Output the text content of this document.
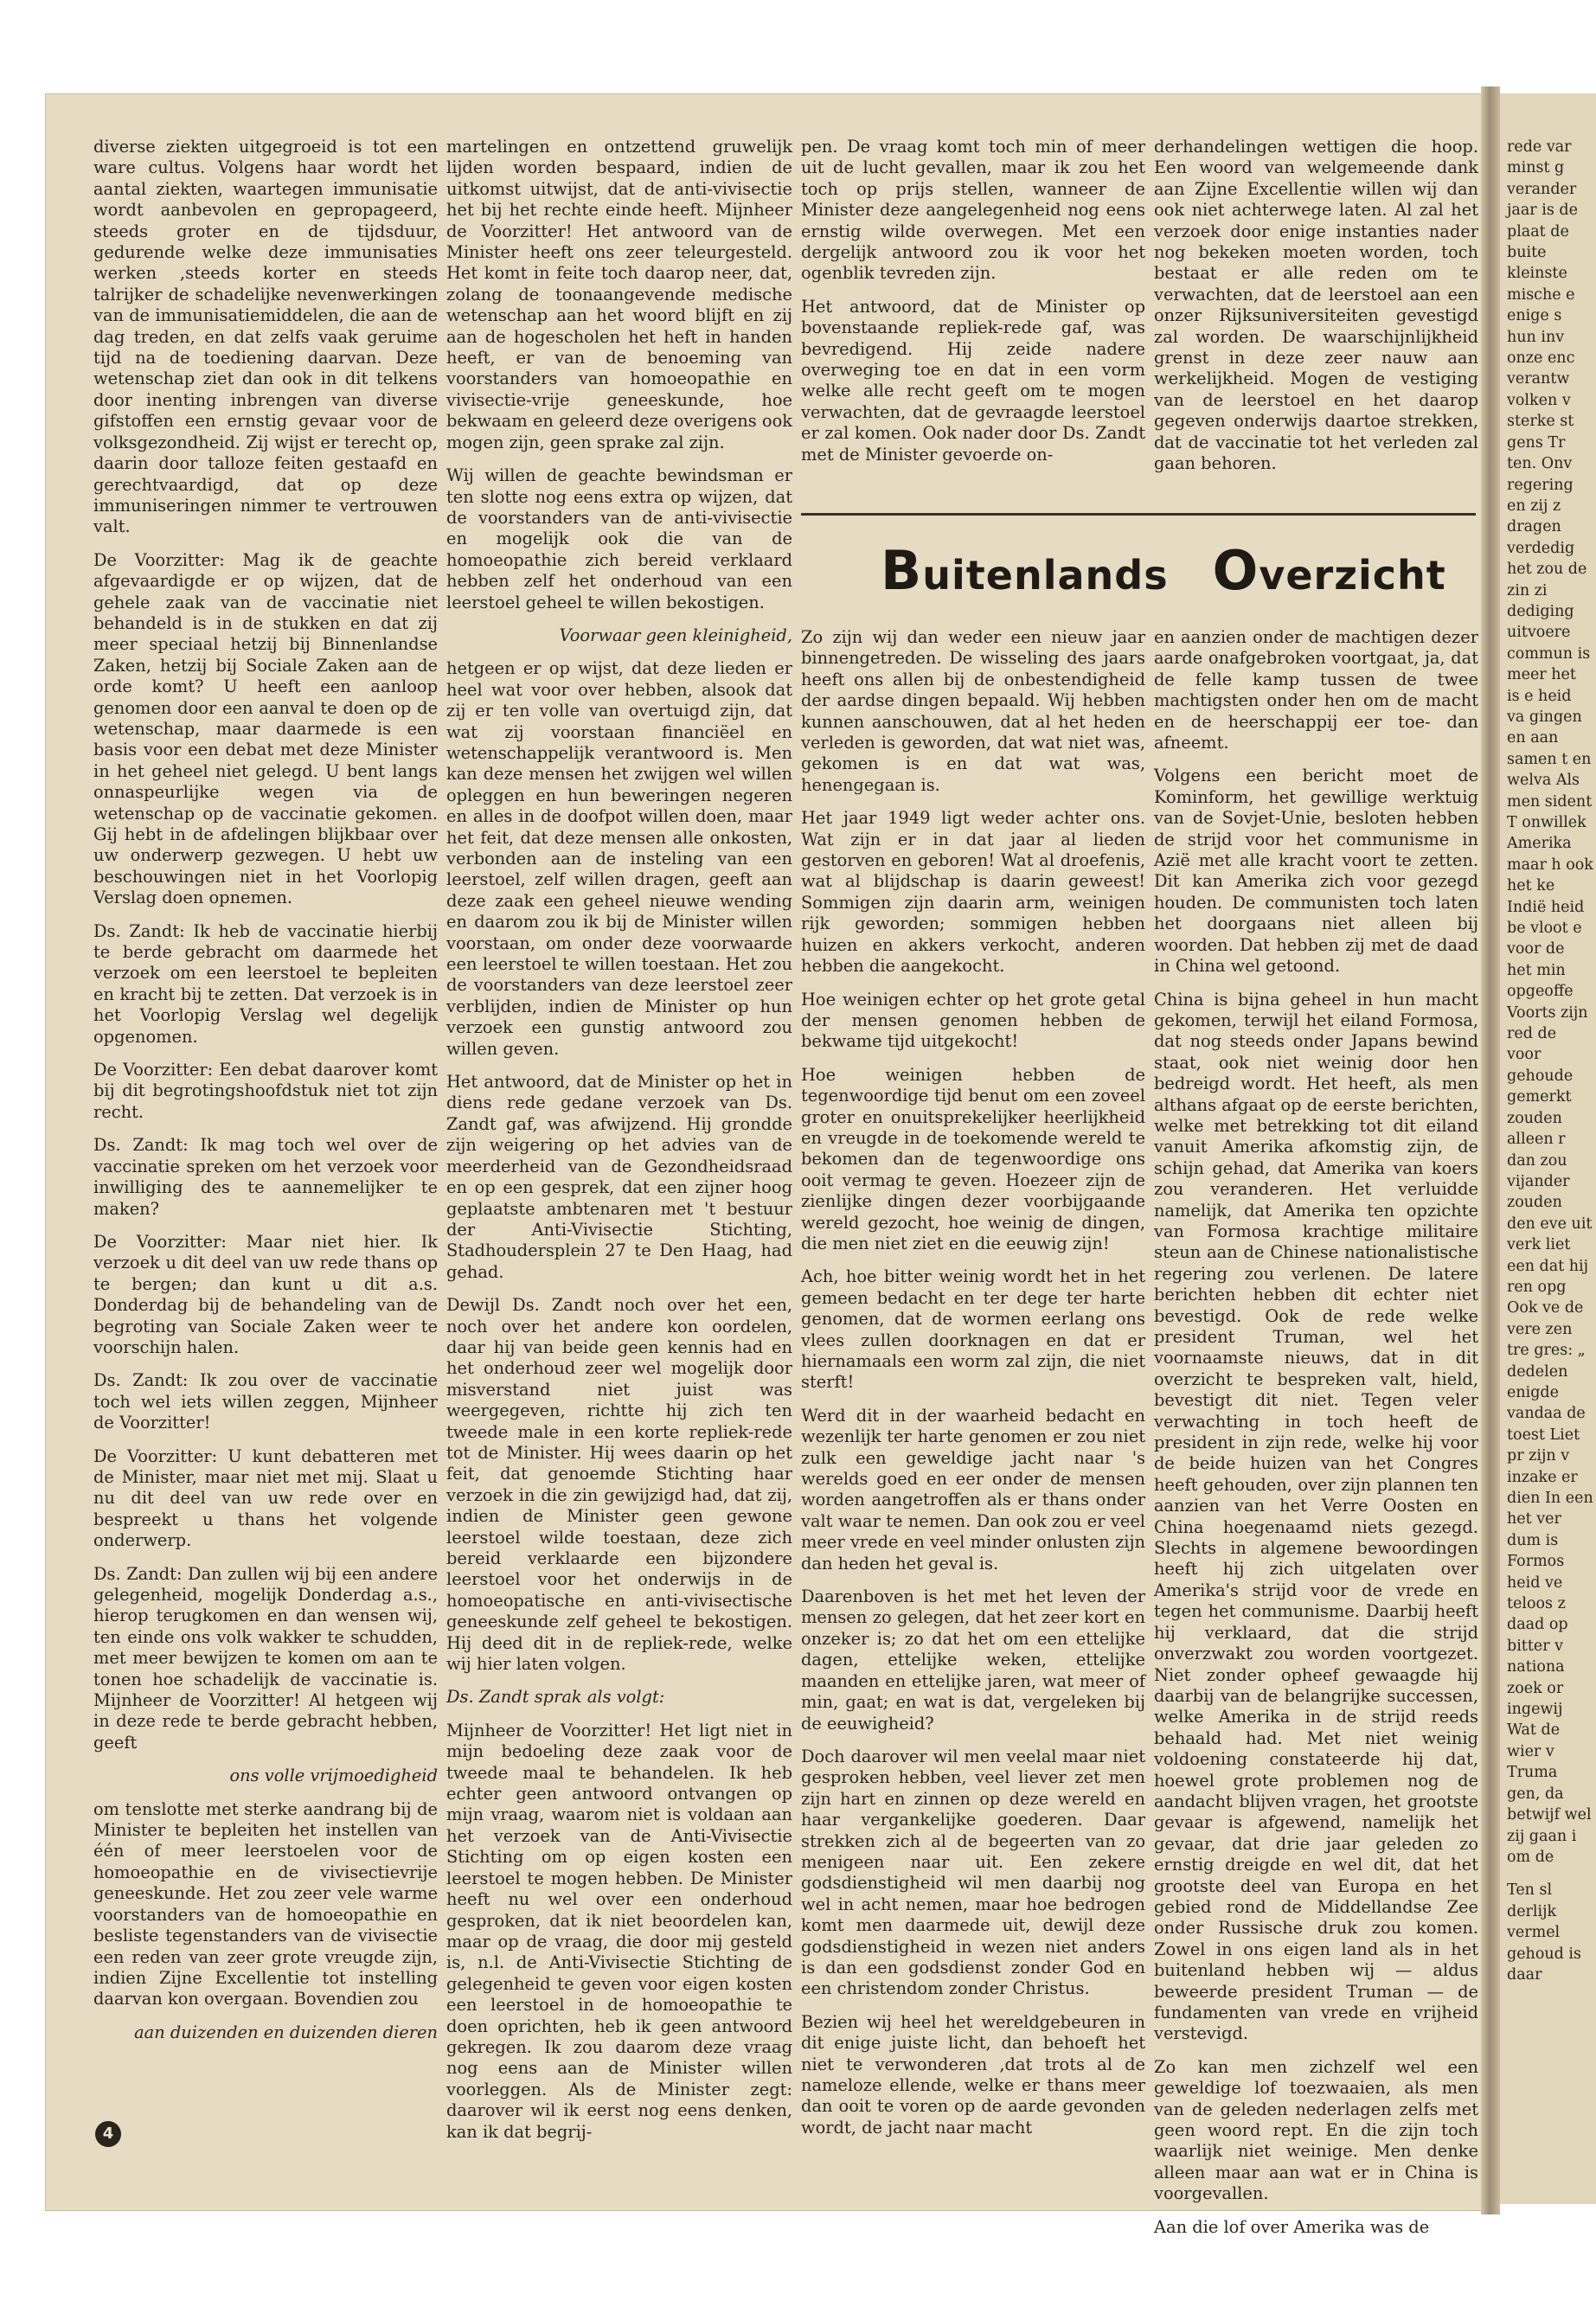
diverse ziekten uitgegroeid is tot een ware cultus. Volgens haar wordt het aantal ziekten, waartegen immunisatie wordt aanbevolen en gepropageerd, steeds groter en de tijdsduur, gedurende welke deze immunisaties werken ,steeds korter en steeds talrijker de schadelijke nevenwerkingen van de immunisatiemiddelen, die aan de dag treden, en dat zelfs vaak geruime tijd na de toediening daarvan. Deze wetenschap ziet dan ook in dit telkens door inenting inbrengen van diverse gifstoffen een ernstig gevaar voor de volksgezondheid. Zij wijst er terecht op, daarin door talloze feiten gestaafd en gerechtvaardigd, dat op deze immuniseringen nimmer te vertrouwen valt.

De Voorzitter: Mag ik de geachte afgevaardigde er op wijzen, dat de gehele zaak van de vaccinatie niet behandeld is in de stukken en dat zij meer speciaal hetzij bij Binnenlandse Zaken, hetzij bij Sociale Zaken aan de orde komt? U heeft een aanloop genomen door een aanval te doen op de wetenschap, maar daarmede is een basis voor een debat met deze Minister in het geheel niet gelegd. U bent langs onnaspeurlijke wegen via de wetenschap op de vaccinatie gekomen. Gij hebt in de afdelingen blijkbaar over uw onderwerp gezwegen. U hebt uw beschouwingen niet in het Voorlopig Verslag doen opnemen.

Ds. Zandt: Ik heb de vaccinatie hierbij te berde gebracht om daarmede het verzoek om een leerstoel te bepleiten en kracht bij te zetten. Dat verzoek is in het Voorlopig Verslag wel degelijk opgenomen.

De Voorzitter: Een debat daarover komt bij dit begrotingshoofdstuk niet tot zijn recht.

Ds. Zandt: Ik mag toch wel over de vaccinatie spreken om het verzoek voor inwilliging des te aannemelijker te maken?

De Voorzitter: Maar niet hier. Ik verzoek u dit deel van uw rede thans op te bergen; dan kunt u dit a.s. Donderdag bij de behandeling van de begroting van Sociale Zaken weer te voorschijn halen.

Ds. Zandt: Ik zou over de vaccinatie toch wel iets willen zeggen, Mijnheer de Voorzitter!

De Voorzitter: U kunt debatteren met de Minister, maar niet met mij. Slaat u nu dit deel van uw rede over en bespreekt u thans het volgende onderwerp.

Ds. Zandt: Dan zullen wij bij een andere gelegenheid, mogelijk Donderdag a.s., hierop terugkomen en dan wensen wij, ten einde ons volk wakker te schudden, met meer bewijzen te komen om aan te tonen hoe schadelijk de vaccinatie is. Mijnheer de Voorzitter! Al hetgeen wij in deze rede te berde gebracht hebben, geeft

ons volle vrijmoedigheid

om tenslotte met sterke aandrang bij de Minister te bepleiten het instellen van één of meer leerstoelen voor de homoeopathie en de vivisectievrije geneeskunde. Het zou zeer vele warme voorstanders van de homoeopathie en besliste tegenstanders van de vivisectie een reden van zeer grote vreugde zijn, indien Zijne Excellentie tot instelling daarvan kon overgaan. Bovendien zou

aan duizenden en duizenden dieren

martelingen en ontzettend gruwelijk lijden worden bespaard, indien de uitkomst uitwijst, dat de anti-vivisectie het bij het rechte einde heeft. Mijnheer de Voorzitter! Het antwoord van de Minister heeft ons zeer teleurgesteld. Het komt in feite toch daarop neer, dat, zolang de toonaangevende medische wetenschap aan het woord blijft en zij aan de hogescholen het heft in handen heeft, er van de benoeming van voorstanders van homoeopathie en vivisectie-vrije geneeskunde, hoe bekwaam en geleerd deze overigens ook mogen zijn, geen sprake zal zijn.

Wij willen de geachte bewindsman er ten slotte nog eens extra op wijzen, dat de voorstanders van de anti-vivisectie en mogelijk ook die van de homoeopathie zich bereid verklaard hebben zelf het onderhoud van een leerstoel geheel te willen bekostigen.

Voorwaar geen kleinigheid,

hetgeen er op wijst, dat deze lieden er heel wat voor over hebben, alsook dat zij er ten volle van overtuigd zijn, dat wat zij voorstaan financiëel en wetenschappelijk verantwoord is. Men kan deze mensen het zwijgen wel willen opleggen en hun beweringen negeren en alles in de doofpot willen doen, maar het feit, dat deze mensen alle onkosten, verbonden aan de insteling van een leerstoel, zelf willen dragen, geeft aan deze zaak een geheel nieuwe wending en daarom zou ik bij de Minister willen voorstaan, om onder deze voorwaarde een leerstoel te willen toestaan. Het zou de voorstanders van deze leerstoel zeer verblijden, indien de Minister op hun verzoek een gunstig antwoord zou willen geven.

Het antwoord, dat de Minister op het in diens rede gedane verzoek van Ds. Zandt gaf, was afwijzend. Hij grondde zijn weigering op het advies van de meerderheid van de Gezondheidsraad en op een gesprek, dat een zijner hoog geplaatste ambtenaren met 't bestuur der Anti-Vivisectie Stichting, Stadhoudersplein 27 te Den Haag, had gehad.

Dewijl Ds. Zandt noch over het een, noch over het andere kon oordelen, daar hij van beide geen kennis had en het onderhoud zeer wel mogelijk door misverstand niet juist was weergegeven, richtte hij zich ten tweede male in een korte repliek-rede tot de Minister. Hij wees daarin op het feit, dat genoemde Stichting haar verzoek in die zin gewijzigd had, dat zij, indien de Minister geen gewone leerstoel wilde toestaan, deze zich bereid verklaarde een bijzondere leerstoel voor het onderwijs in de homoeopatische en anti-vivisectische geneeskunde zelf geheel te bekostigen. Hij deed dit in de repliek-rede, welke wij hier laten volgen.

Ds. Zandt sprak als volgt:

Mijnheer de Voorzitter! Het ligt niet in mijn bedoeling deze zaak voor de tweede maal te behandelen. Ik heb echter geen antwoord ontvangen op mijn vraag, waarom niet is voldaan aan het verzoek van de Anti-Vivisectie Stichting om op eigen kosten een leerstoel te mogen hebben. De Minister heeft nu wel over een onderhoud gesproken, dat ik niet beoordelen kan, maar op de vraag, die door mij gesteld is, n.l. de Anti-Vivisectie Stichting de gelegenheid te geven voor eigen kosten een leerstoel in de homoeopathie te doen oprichten, heb ik geen antwoord gekregen. Ik zou daarom deze vraag nog eens aan de Minister willen voorleggen. Als de Minister zegt: daarover wil ik eerst nog eens denken, kan ik dat begrij-

pen. De vraag komt toch min of meer uit de lucht gevallen, maar ik zou het toch op prijs stellen, wanneer de Minister deze aangelegenheid nog eens ernstig wilde overwegen. Met een dergelijk antwoord zou ik voor het ogenblik tevreden zijn.

Het antwoord, dat de Minister op bovenstaande repliek-rede gaf, was bevredigend. Hij zeide nadere overweging toe en dat in een vorm welke alle recht geeft om te mogen verwachten, dat de gevraagde leerstoel er zal komen. Ook nader door Ds. Zandt met de Minister gevoerde on-

derhandelingen wettigen die hoop. Een woord van welgemeende dank aan Zijne Excellentie willen wij dan ook niet achterwege laten. Al zal het verzoek door enige instanties nader nog bekeken moeten worden, toch bestaat er alle reden om te verwachten, dat de leerstoel aan een onzer Rijksuniversiteiten gevestigd zal worden. De waarschijnlijkheid grenst in deze zeer nauw aan werkelijkheid. Mogen de vestiging van de leerstoel en het daarop gegeven onderwijs daartoe strekken, dat de vaccinatie tot het verleden zal gaan behoren.

Buitenlands Overzicht

Zo zijn wij dan weder een nieuw jaar binnengetreden. De wisseling des jaars heeft ons allen bij de onbestendigheid der aardse dingen bepaald. Wij hebben kunnen aanschouwen, dat al het heden verleden is geworden, dat wat niet was, gekomen is en dat wat was, henengegaan is.

Het jaar 1949 ligt weder achter ons. Wat zijn er in dat jaar al lieden gestorven en geboren! Wat al droefenis, wat al blijdschap is daarin geweest! Sommigen zijn daarin arm, weinigen rijk geworden; sommigen hebben huizen en akkers verkocht, anderen hebben die aangekocht.

Hoe weinigen echter op het grote getal der mensen genomen hebben de bekwame tijd uitgekocht!

Hoe weinigen hebben de tegenwoordige tijd benut om een zoveel groter en onuitsprekelijker heerlijkheid en vreugde in de toekomende wereld te bekomen dan de tegenwoordige ons ooit vermag te geven. Hoezeer zijn de zienlijke dingen dezer voorbijgaande wereld gezocht, hoe weinig de dingen, die men niet ziet en die eeuwig zijn!

Ach, hoe bitter weinig wordt het in het gemeen bedacht en ter dege ter harte genomen, dat de wormen eerlang ons vlees zullen doorknagen en dat er hiernamaals een worm zal zijn, die niet sterft!

Werd dit in der waarheid bedacht en wezenlijk ter harte genomen er zou niet zulk een geweldige jacht naar 's werelds goed en eer onder de mensen worden aangetroffen als er thans onder valt waar te nemen. Dan ook zou er veel meer vrede en veel minder onlusten zijn dan heden het geval is.

Daarenboven is het met het leven der mensen zo gelegen, dat het zeer kort en onzeker is; zo dat het om een ettelijke dagen, ettelijke weken, ettelijke maanden en ettelijke jaren, wat meer of min, gaat; en wat is dat, vergeleken bij de eeuwigheid?

Doch daarover wil men veelal maar niet gesproken hebben, veel liever zet men zijn hart en zinnen op deze wereld en haar vergankelijke goederen. Daar strekken zich al de begeerten van zo menigeen naar uit. Een zekere godsdienstigheid wil men daarbij nog wel in acht nemen, maar hoe bedrogen komt men daarmede uit, dewijl deze godsdienstigheid in wezen niet anders is dan een godsdienst zonder God en een christendom zonder Christus.

Bezien wij heel het wereldgebeuren in dit enige juiste licht, dan behoeft het niet te verwonderen ,dat trots al de nameloze ellende, welke er thans meer dan ooit te voren op de aarde gevonden wordt, de jacht naar macht

en aanzien onder de machtigen dezer aarde onafgebroken voortgaat, ja, dat de felle kamp tussen de twee machtigsten onder hen om de macht en de heerschappij eer toe- dan afneemt.

Volgens een bericht moet de Kominform, het gewillige werktuig van de Sovjet-Unie, besloten hebben de strijd voor het communisme in Azië met alle kracht voort te zetten. Dit kan Amerika zich voor gezegd houden. De communisten toch laten het doorgaans niet alleen bij woorden. Dat hebben zij met de daad in China wel getoond.

China is bijna geheel in hun macht gekomen, terwijl het eiland Formosa, dat nog steeds onder Japans bewind staat, ook niet weinig door hen bedreigd wordt. Het heeft, als men althans afgaat op de eerste berichten, welke met betrekking tot dit eiland vanuit Amerika afkomstig zijn, de schijn gehad, dat Amerika van koers zou veranderen. Het verluidde namelijk, dat Amerika ten opzichte van Formosa krachtige militaire steun aan de Chinese nationalistische regering zou verlenen. De latere berichten hebben dit echter niet bevestigd. Ook de rede welke president Truman, wel het voornaamste nieuws, dat in dit overzicht te bespreken valt, hield, bevestigt dit niet. Tegen veler verwachting in toch heeft de president in zijn rede, welke hij voor de beide huizen van het Congres heeft gehouden, over zijn plannen ten aanzien van het Verre Oosten en China hoegenaamd niets gezegd. Slechts in algemene bewoordingen heeft hij zich uitgelaten over Amerika's strijd voor de vrede en tegen het communisme. Daarbij heeft hij verklaard, dat die strijd onverzwakt zou worden voortgezet. Niet zonder opheef gewaagde hij daarbij van de belangrijke successen, welke Amerika in de strijd reeds behaald had. Met niet weinig voldoening constateerde hij dat, hoewel grote problemen nog de aandacht blijven vragen, het grootste gevaar is afgewend, namelijk het gevaar, dat drie jaar geleden zo ernstig dreigde en wel dit, dat het grootste deel van Europa en het gebied rond de Middellandse Zee onder Russische druk zou komen. Zowel in ons eigen land als in het buitenland hebben wij — aldus beweerde president Truman — de fundamenten van vrede en vrijheid verstevigd.

Zo kan men zichzelf wel een geweldige lof toezwaaien, als men van de geleden nederlagen zelfs met geen woord rept. En die zijn toch waarlijk niet weinige. Men denke alleen maar aan wat er in China is voorgevallen.

Aan die lof over Amerika was de

rede var minst g verander jaar is de plaat de buite kleinste mische e enige s hun inv onze enc verantw volken v sterke st gens Tr ten. Onv regering en zij z dragen verdedig het zou de zin zi dediging uitvoere commun is meer het is e heid va gingen en aan samen t en welva Als men sident T onwillek Amerika maar h ook het ke Indië heid be vloot e voor de het min opgeoffe Voorts zijn red de voor gehoude gemerkt zouden alleen r dan zou vijander zouden den eve uit verk liet een dat hij ren opg Ook ve de vere zen tre gres: „ dedelen enigde vandaa de toest Liet pr zijn v inzake er dien In een het ver dum is Formos heid ve teloos z daad op bitter v nationa zoek or ingewij Wat de wier v Truma gen, da betwijf wel zij gaan i om de

Ten sl derlijk vermel gehoud is daar

4
